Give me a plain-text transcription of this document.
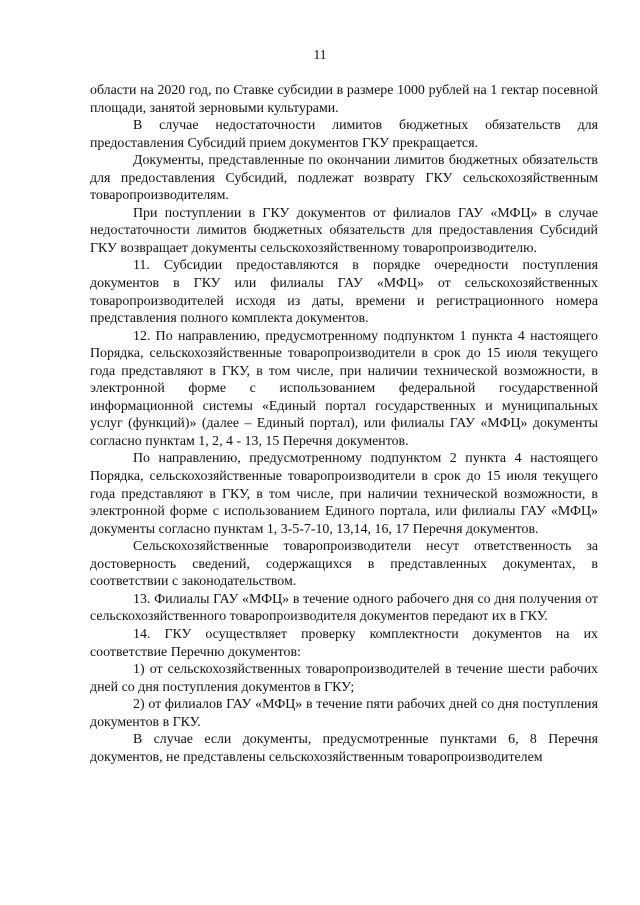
11

области на 2020 год, по Ставке субсидии в размере 1000 рублей на 1 гектар посевной площади, занятой зерновыми культурами.

В случае недостаточности лимитов бюджетных обязательств для предоставления Субсидий прием документов ГКУ прекращается.

Документы, представленные по окончании лимитов бюджетных обязательств для предоставления Субсидий, подлежат возврату ГКУ сельскохозяйственным товаропроизводителям.

При поступлении в ГКУ документов от филиалов ГАУ «МФЦ» в случае недостаточности лимитов бюджетных обязательств для предоставления Субсидий ГКУ возвращает документы сельскохозяйственному товаропроизводителю.

11. Субсидии предоставляются в порядке очередности поступления документов в ГКУ или филиалы ГАУ «МФЦ» от сельскохозяйственных товаропроизводителей исходя из даты, времени и регистрационного номера представления полного комплекта документов.

12. По направлению, предусмотренному подпунктом 1 пункта 4 настоящего Порядка, сельскохозяйственные товаропроизводители в срок до 15 июля текущего года представляют в ГКУ, в том числе, при наличии технической возможности, в электронной форме с использованием федеральной государственной информационной системы «Единый портал государственных и муниципальных услуг (функций)» (далее – Единый портал), или филиалы ГАУ «МФЦ» документы согласно пунктам 1, 2, 4 - 13, 15 Перечня документов.

По направлению, предусмотренному подпунктом 2 пункта 4 настоящего Порядка, сельскохозяйственные товаропроизводители в срок до 15 июля текущего года представляют в ГКУ, в том числе, при наличии технической возможности, в электронной форме с использованием Единого портала, или филиалы ГАУ «МФЦ» документы согласно пунктам 1, 3-5-7-10, 13,14, 16, 17 Перечня документов.

Сельскохозяйственные товаропроизводители несут ответственность за достоверность сведений, содержащихся в представленных документах, в соответствии с законодательством.

13. Филиалы ГАУ «МФЦ» в течение одного рабочего дня со дня получения от сельскохозяйственного товаропроизводителя документов передают их в ГКУ.

14. ГКУ осуществляет проверку комплектности документов на их соответствие Перечню документов:

1) от сельскохозяйственных товаропроизводителей в течение шести рабочих дней со дня поступления документов в ГКУ;

2) от филиалов ГАУ «МФЦ» в течение пяти рабочих дней со дня поступления документов в ГКУ.

В случае если документы, предусмотренные пунктами 6, 8 Перечня документов, не представлены сельскохозяйственным товаропроизводителем
